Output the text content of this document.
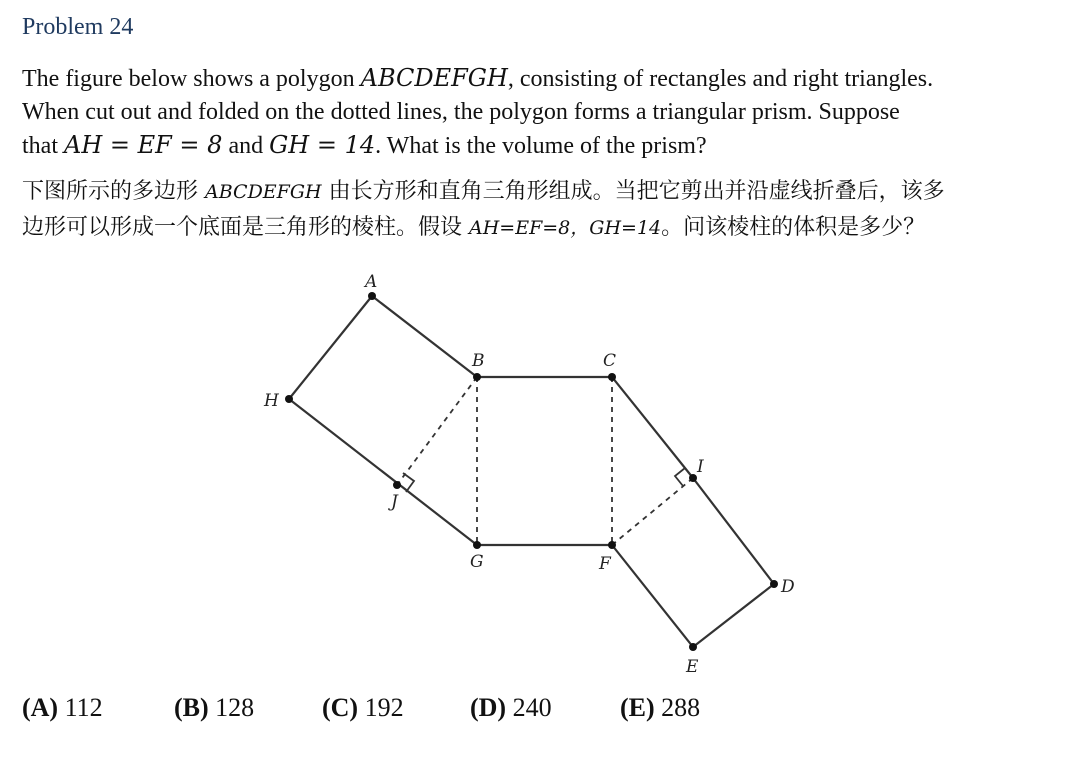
Problem 24
The figure below shows a polygon ABCDEFGH, consisting of rectangles and right triangles.
When cut out and folded on the dotted lines, the polygon forms a triangular prism. Suppose
that AH = EF = 8 and GH = 14. What is the volume of the prism?
下图所示的多边形 ABCDEFGH 由长方形和直角三角形组成。当把它剪出并沿虚线折叠后，该多
边形可以形成一个底面是三角形的棱柱。假设 AH=EF=8，GH=14。问该棱柱的体积是多少？
A
H
B	C
G	F
J
I
D
E
(A) 112	(B) 128	(C) 192	(D) 240	(E) 288
